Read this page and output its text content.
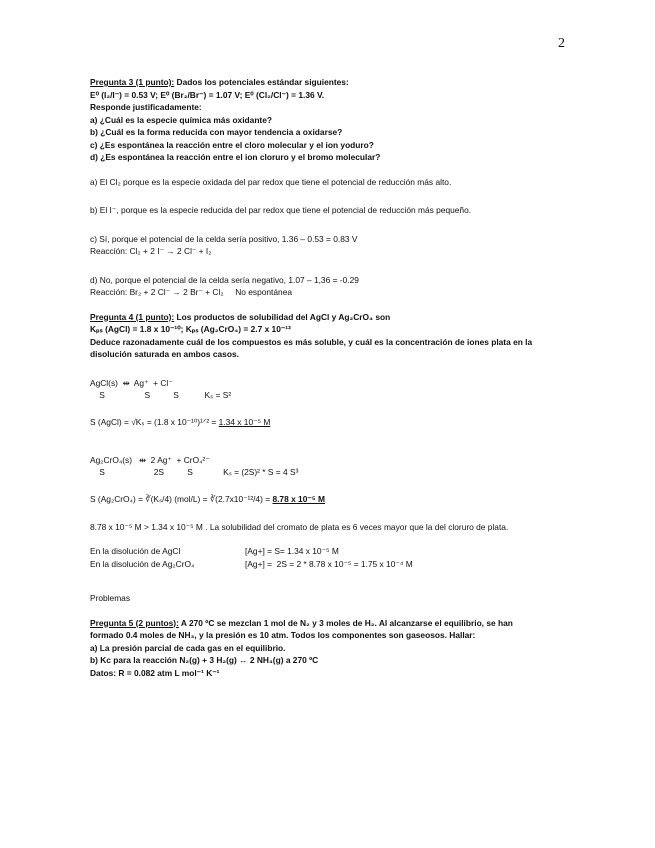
2
Pregunta 3 (1 punto): Dados los potenciales estándar siguientes:
E⁰ (I₂/I⁻) = 0.53 V; E⁰ (Br₂/Br⁻) = 1.07 V; E⁰ (Cl₂/Cl⁻) = 1.36 V.
Responde justificadamente:
a) ¿Cuál es la especie química más oxidante?
b) ¿Cuál es la forma reducida con mayor tendencia a oxidarse?
c) ¿Es espontánea la reacción entre el cloro molecular y el ion yoduro?
d) ¿Es espontánea la reacción entre el ion cloruro y el bromo molecular?
a) El Cl₂ porque es la especie oxidada del par redox que tiene el potencial de reducción más alto.
b) El I⁻, porque es la especie reducida del par redox que tiene el potencial de reducción más pequeño.
c) Sí, porque el potencial de la celda sería positivo, 1.36 – 0.53 = 0.83 V
Reacción: Cl₂ + 2 I⁻ → 2 Cl⁻ + I₂
d) No, porque el potencial de la celda sería negativo, 1.07 – 1,36 = -0.29
Reacción: Br₂ + 2 Cl⁻ → 2 Br⁻ + Cl₂     No espontánea
Pregunta 4 (1 punto): Los productos de solubilidad del AgCl y Ag₂CrO₄ son
Kₚₛ (AgCl) = 1.8 x 10⁻¹⁰; Kₚₛ (Ag₂CrO₄) = 2.7 x 10⁻¹²
Deduce razonadamente cuál de los compuestos es más soluble, y cuál es la concentración de iones plata en la
disolución saturada en ambos casos.
AgCl(s)  ⇹  Ag⁺  + Cl⁻
S                 S          S           Kₛ = S²
S (AgCl) = √Kₛ = (1.8 x 10⁻¹⁰)¹ᐟ² = 1.34 x 10⁻⁵ M
Ag₂CrO₄(s)   ⇹  2 Ag⁺  + CrO₄²⁻
S                     2S          S             Kₛ = (2S)² * S = 4 S³
S (Ag₂CrO₄) = ∛(Kₛ/4) (mol/L) = ∛(2.7x10⁻¹²/4) = 8.78 x 10⁻⁵ M
8.78 x 10⁻⁵ M > 1.34 x 10⁻⁵ M . La solubilidad del cromato de plata es 6 veces mayor que la del cloruro de plata.
En la disolución de AgCl	[Ag+] = S= 1.34 x 10⁻⁵ M
En la disolución de Ag₂CrO₄	[Ag+] =  2S = 2 * 8.78 x 10⁻⁵ = 1.75 x 10⁻⁴ M
Problemas
Pregunta 5 (2 puntos): A 270 ºC se mezclan 1 mol de N₂ y 3 moles de H₂. Al alcanzarse el equilibrio, se han
formado 0.4 moles de NH₃, y la presión es 10 atm. Todos los componentes son gaseosos. Hallar:
a) La presión parcial de cada gas en el equilibrio.
b) Kc para la reacción N₂(g) + 3 H₂(g) ↔ 2 NH₃(g) a 270 ºC
Datos: R = 0.082 atm L mol⁻¹ K⁻¹
